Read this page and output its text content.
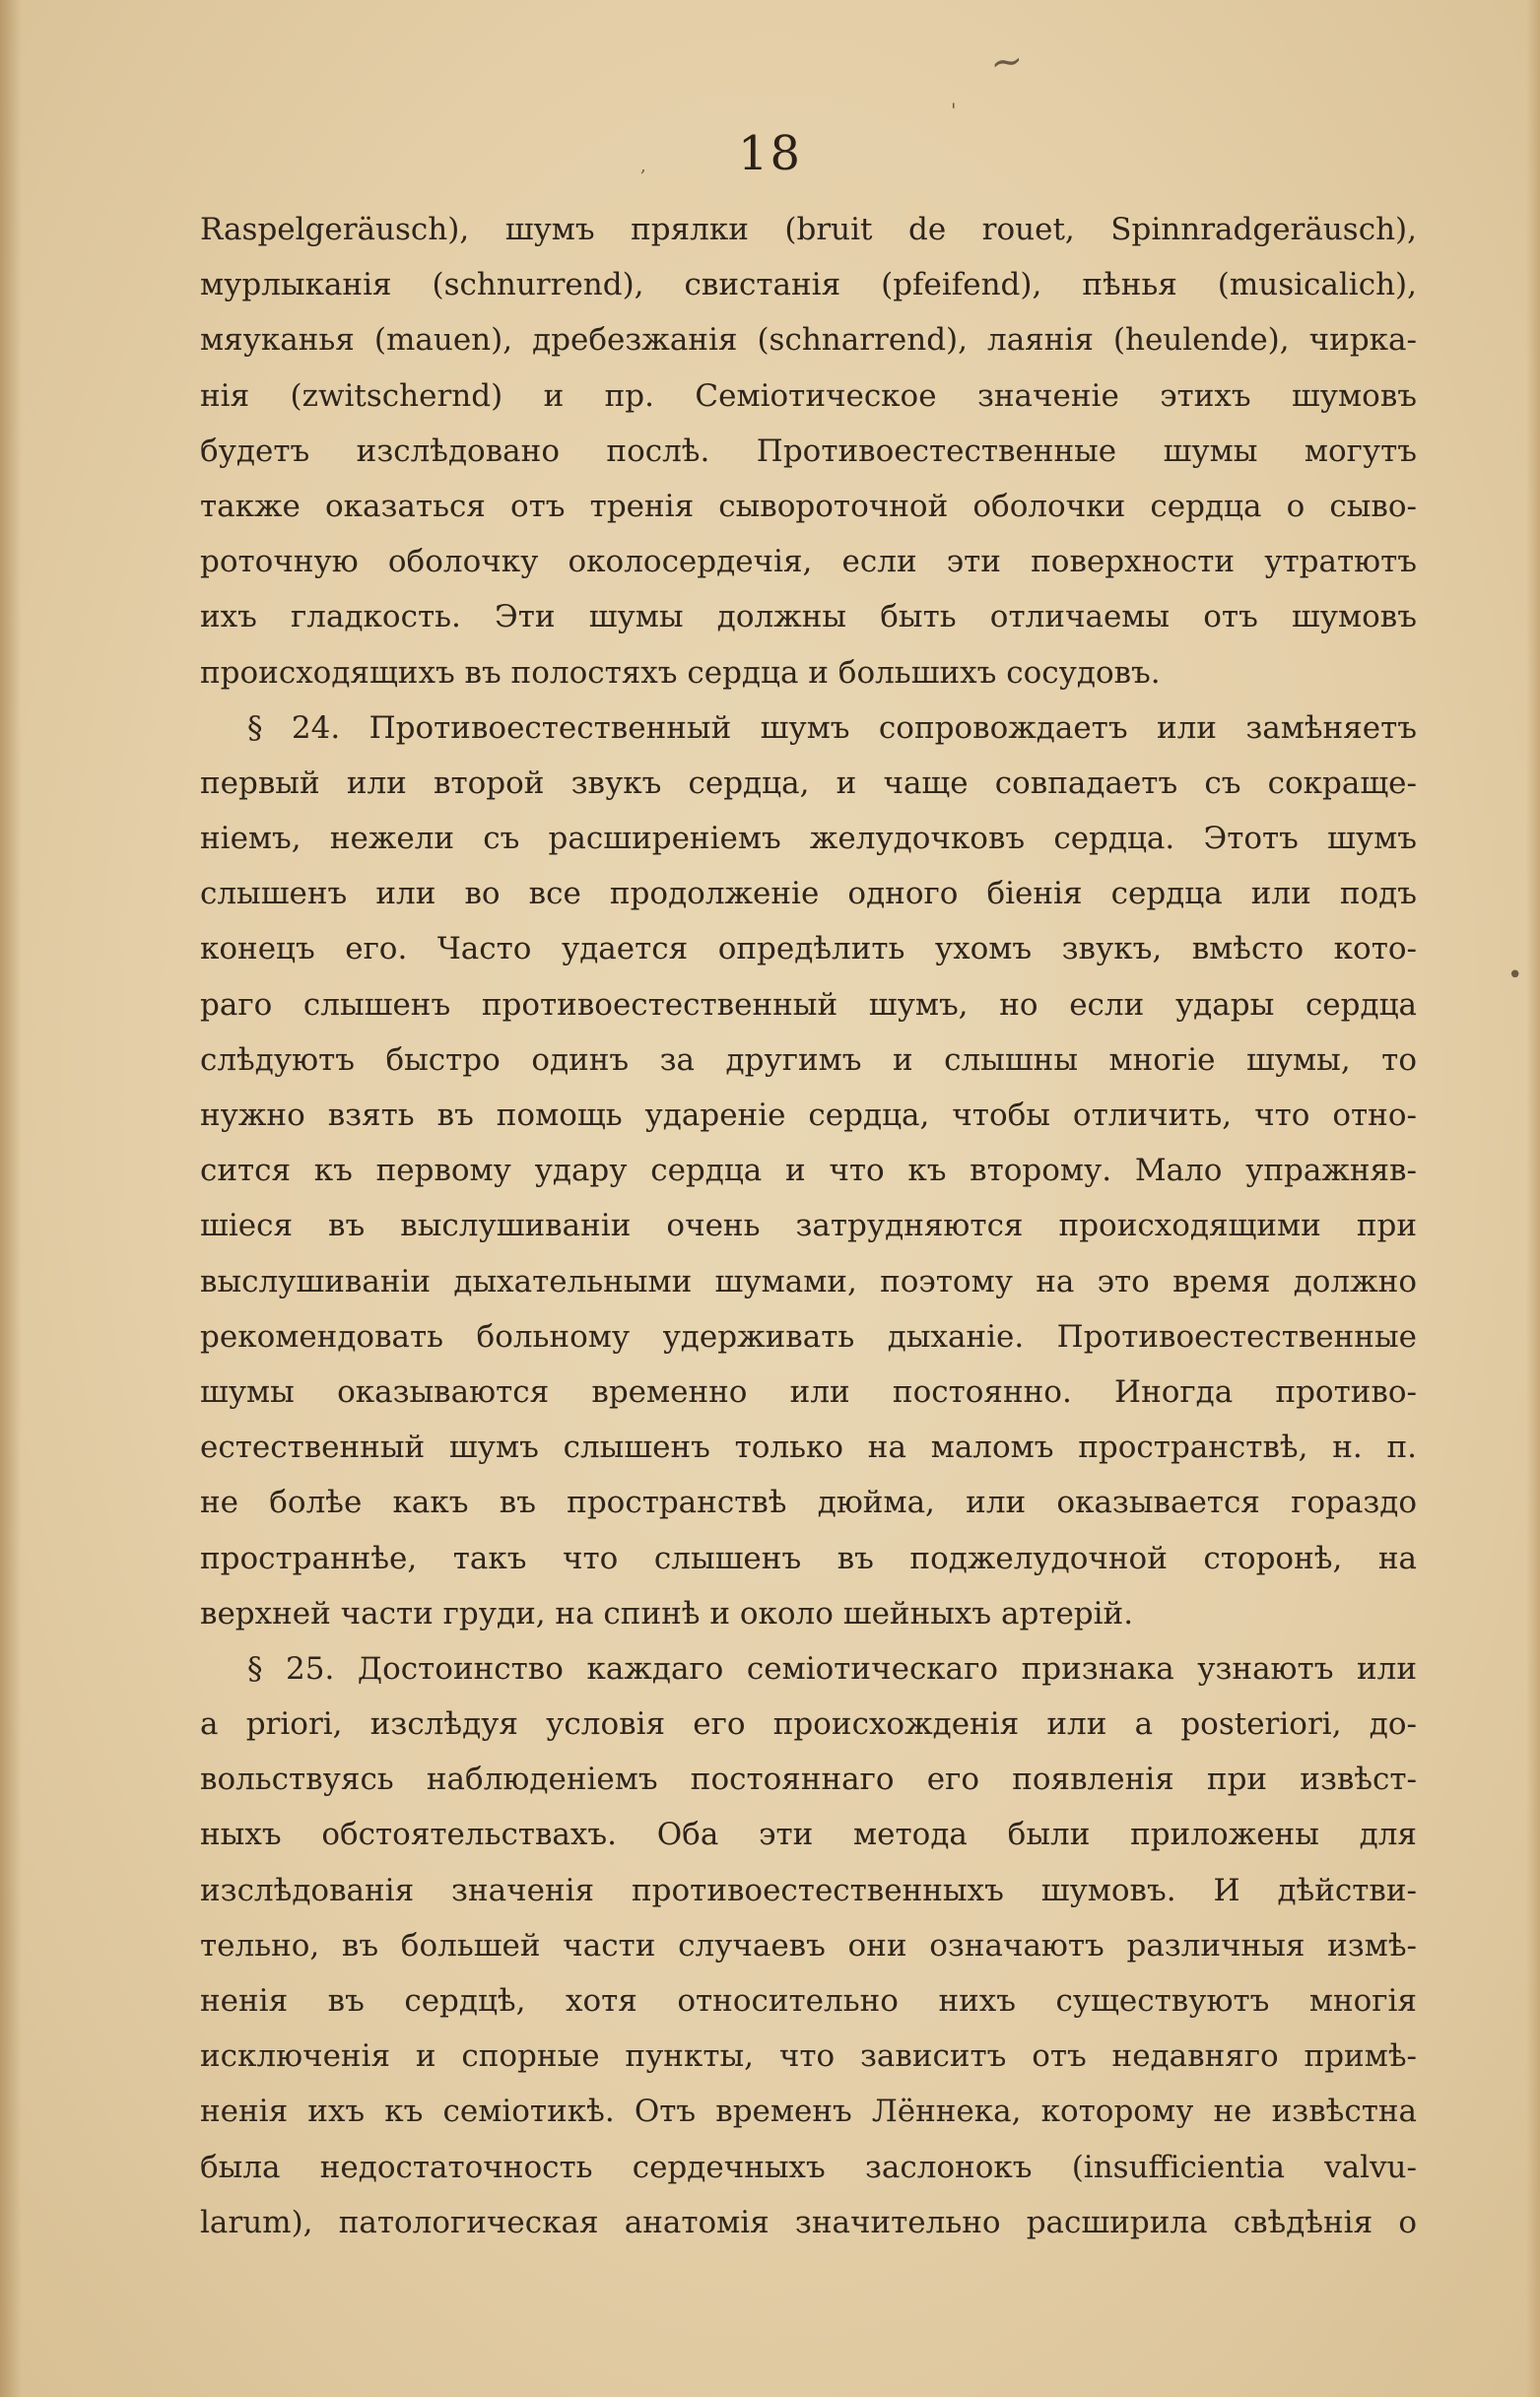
~
'
,
•
18
Raspelgeräusch), шумъ прялки (bruit de rouet, Spinnradgeräusch),
мурлыканія (schnurrend), свистанія (pfeifend), пѣнья (musicalich),
мяуканья (mauen), дребезжанія (schnarrend), лаянія (heulende), чирка-
нія (zwitschernd) и пр. Семіотическое значеніе этихъ шумовъ
будетъ изслѣдовано послѣ. Противоестественные шумы могутъ
также оказаться отъ тренія сывороточной оболочки сердца о сыво-
роточную оболочку околосердечія, если эти поверхности утратютъ
ихъ гладкость. Эти шумы должны быть отличаемы отъ шумовъ
происходящихъ въ полостяхъ сердца и большихъ сосудовъ.
§ 24. Противоестественный шумъ сопровождаетъ или замѣняетъ
первый или второй звукъ сердца, и чаще совпадаетъ съ сокраще-
ніемъ, нежели съ расширеніемъ желудочковъ сердца. Этотъ шумъ
слышенъ или во все продолженіе одного біенія сердца или подъ
конецъ его. Часто удается опредѣлить ухомъ звукъ, вмѣсто кото-
раго слышенъ противоестественный шумъ, но если удары сердца
слѣдуютъ быстро одинъ за другимъ и слышны многіе шумы, то
нужно взять въ помощь удареніе сердца, чтобы отличить, что отно-
сится къ первому удару сердца и что къ второму. Мало упражняв-
шіеся въ выслушиваніи очень затрудняются происходящими при
выслушиваніи дыхательными шумами, поэтому на это время должно
рекомендовать больному удерживать дыханіе. Противоестественные
шумы оказываются временно или постоянно. Иногда противо-
естественный шумъ слышенъ только на маломъ пространствѣ, н. п.
не болѣе какъ въ пространствѣ дюйма, или оказывается гораздо
пространнѣе, такъ что слышенъ въ поджелудочной сторонѣ, на
верхней части груди, на спинѣ и около шейныхъ артерій.
§ 25. Достоинство каждаго семіотическаго признака узнаютъ или
a priori, изслѣдуя условія его происхожденія или a posteriori, до-
вольствуясь наблюденіемъ постояннаго его появленія при извѣст-
ныхъ обстоятельствахъ. Оба эти метода были приложены для
изслѣдованія значенія противоестественныхъ шумовъ. И дѣйстви-
тельно, въ большей части случаевъ они означаютъ различныя измѣ-
ненія въ сердцѣ, хотя относительно нихъ существуютъ многія
исключенія и спорные пункты, что зависитъ отъ недавняго примѣ-
ненія ихъ къ семіотикѣ. Отъ временъ Лённека, которому не извѣстна
была недостаточность сердечныхъ заслонокъ (insufficientia valvu-
larum), патологическая анатомія значительно расширила свѣдѣнія о
